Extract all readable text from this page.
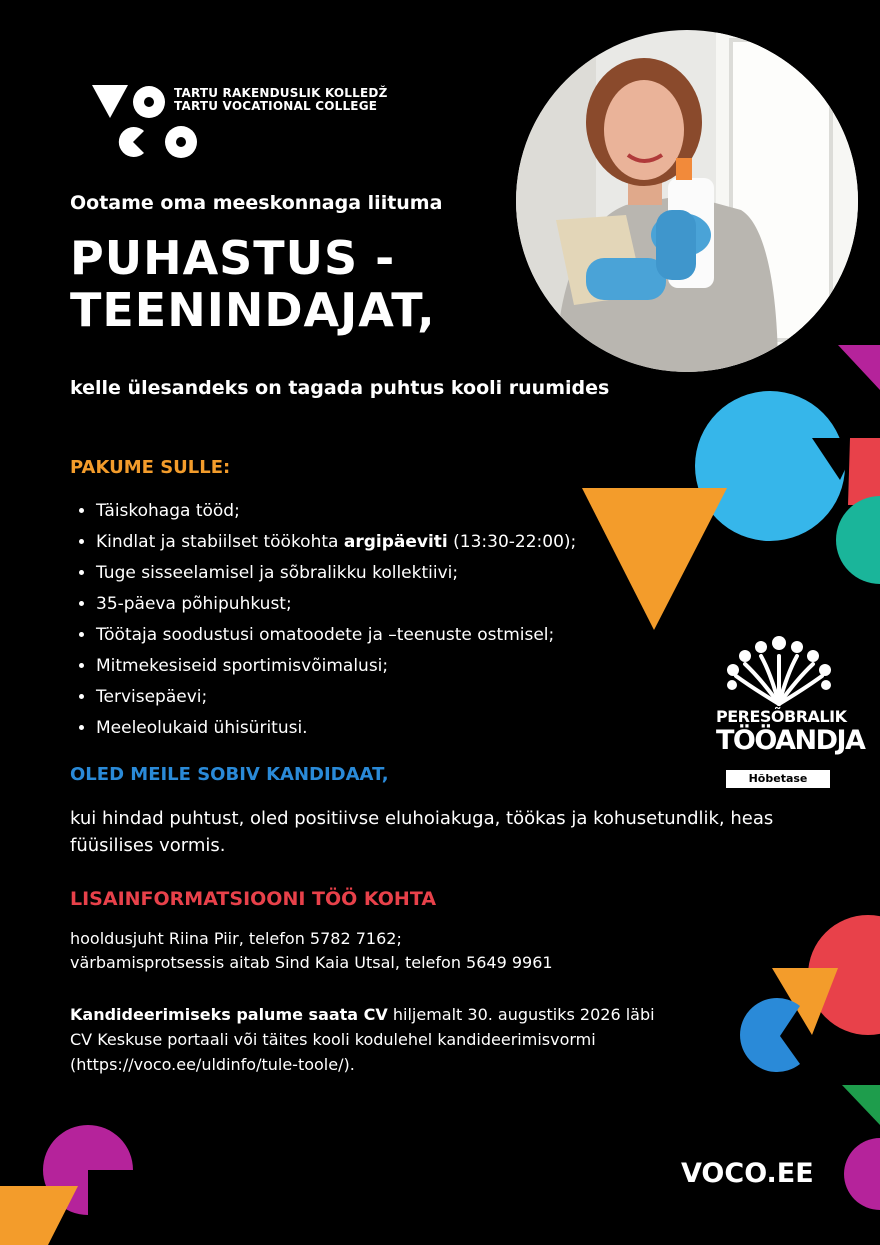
TARTU RAKENDUSLIK KOLLEDŽ
TARTU VOCATIONAL COLLEGE
Ootame oma meeskonnaga liituma
PUHASTUS -
TEENINDAJAT,
kelle ülesandeks on tagada puhtus kooli ruumides
PAKUME SULLE:
• Täiskohaga tööd;
• Kindlat ja stabiilset töökohta argipäeviti (13:30-22:00);
• Tuge sisseelamisel ja sõbralikku kollektiivi;
• 35-päeva põhipuhkust;
• Töötaja soodustusi omatoodete ja –teenuste ostmisel;
• Mitmekesiseid sportimisvõimalusi;
• Tervisepäevi;
• Meeleolukaid ühisüritusi.
PERESÕBRALIK
TÖÖANDJA
Hõbetase
OLED MEILE SOBIV KANDIDAAT,
kui hindad puhtust, oled positiivse eluhoiakuga, töökas ja kohusetundlik, heas füüsilises vormis.
LISAINFORMATSIOONI TÖÖ KOHTA
hooldusjuht Riina Piir, telefon 5782 7162;
värbamisprotsessis aitab Sind Kaia Utsal, telefon 5649 9961
Kandideerimiseks palume saata CV hiljemalt 30. augustiks 2026 läbi CV Keskuse portaali või täites kooli kodulehel kandideerimisvormi (https://voco.ee/uldinfo/tule-toole/).
VOCO.EE
